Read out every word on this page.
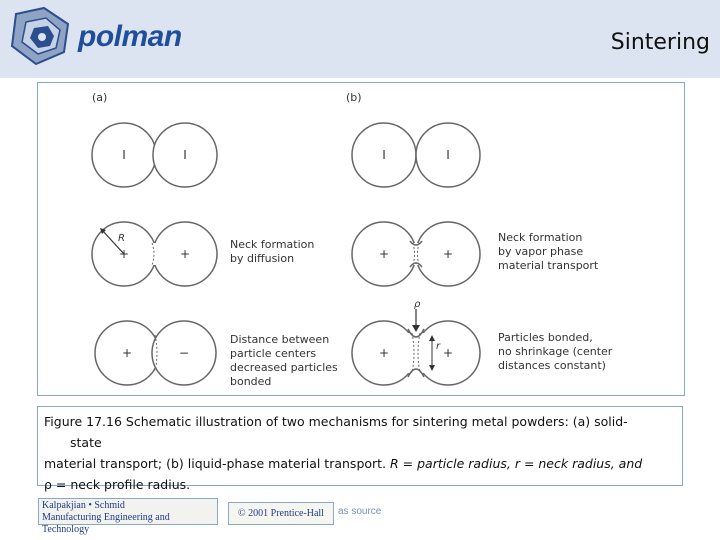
polman	Sintering
(a)	(b)
I	I
R
+	+
Neck formation
by diffusion
+	−
Distance between
particle centers
decreased particles
bonded
I	I
+	+
Neck formation
by vapor phase
material transport
ρ
r
+	+
Particles bonded,
no shrinkage (center
distances constant)
Figure 17.16 Schematic illustration of two mechanisms for sintering metal powders: (a) solid-
state
material transport; (b) liquid-phase material transport. R = particle radius, r = neck radius, and
ρ = neck profile radius.
Kalpakjian • Schmid
Manufacturing Engineering and Technology
© 2001 Prentice-Hall	as source
